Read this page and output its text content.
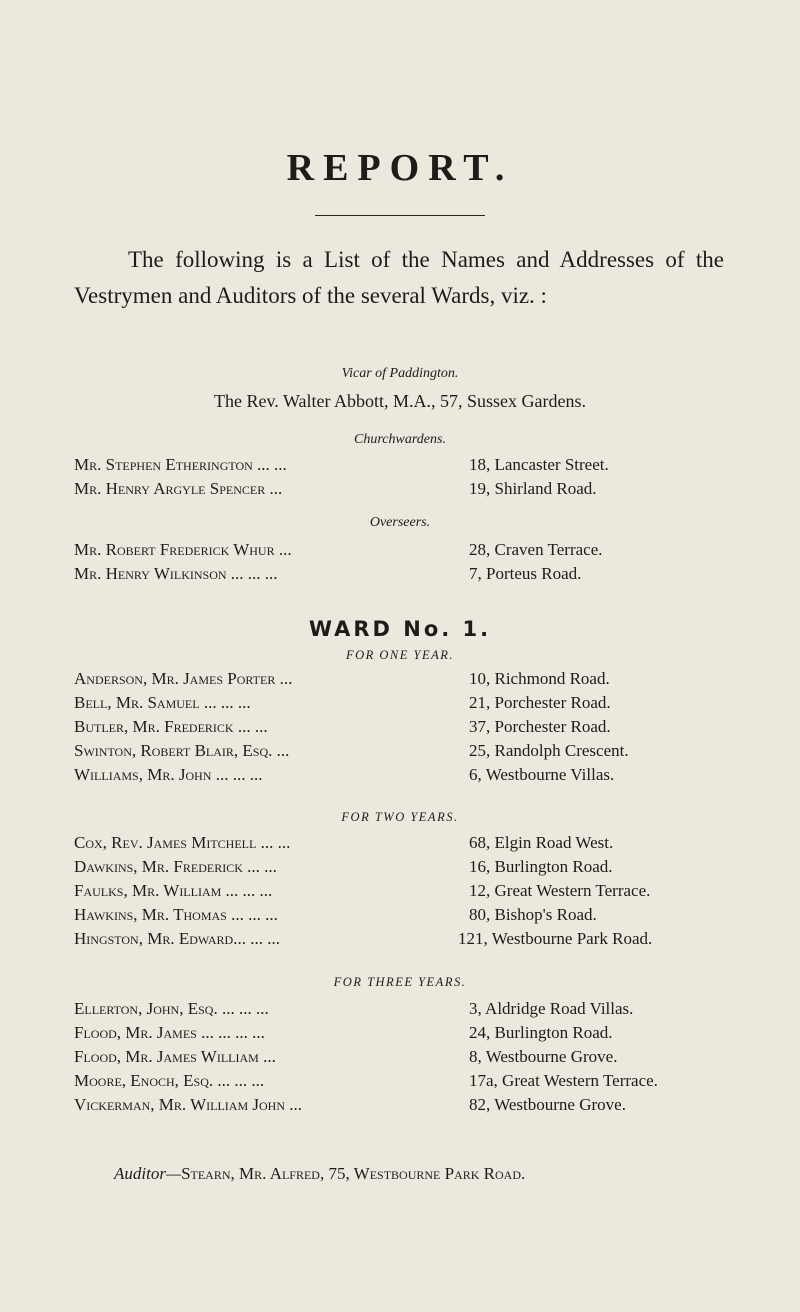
REPORT.

The following is a List of the Names and Addresses of the Vestrymen and Auditors of the several Wards, viz. :

Vicar of Paddington.

The Rev. Walter Abbott, M.A., 57, Sussex Gardens.

Churchwardens.

Mr. Stephen Etherington ... ...	18, Lancaster Street.
Mr. Henry Argyle Spencer ...	19, Shirland Road.

Overseers.

Mr. Robert Frederick Whur ...	28, Craven Terrace.
Mr. Henry Wilkinson ... ... ...	7, Porteus Road.

WARD No. 1.

FOR ONE YEAR.

Anderson, Mr. James Porter ...	10, Richmond Road.
Bell, Mr. Samuel ... ... ...	21, Porchester Road.
Butler, Mr. Frederick ... ...	37, Porchester Road.
Swinton, Robert Blair, Esq. ...	25, Randolph Crescent.
Williams, Mr. John ... ... ...	6, Westbourne Villas.

FOR TWO YEARS.

Cox, Rev. James Mitchell ... ...	68, Elgin Road West.
Dawkins, Mr. Frederick ... ...	16, Burlington Road.
Faulks, Mr. William ... ... ...	12, Great Western Terrace.
Hawkins, Mr. Thomas ... ... ...	80, Bishop's Road.
Hingston, Mr. Edward... ... ...	121, Westbourne Park Road.

FOR THREE YEARS.

Ellerton, John, Esq. ... ... ...	3, Aldridge Road Villas.
Flood, Mr. James ... ... ... ...	24, Burlington Road.
Flood, Mr. James William ...	8, Westbourne Grove.
Moore, Enoch, Esq. ... ... ...	17a, Great Western Terrace.
Vickerman, Mr. William John ...	82, Westbourne Grove.

Auditor—Stearn, Mr. Alfred, 75, Westbourne Park Road.
